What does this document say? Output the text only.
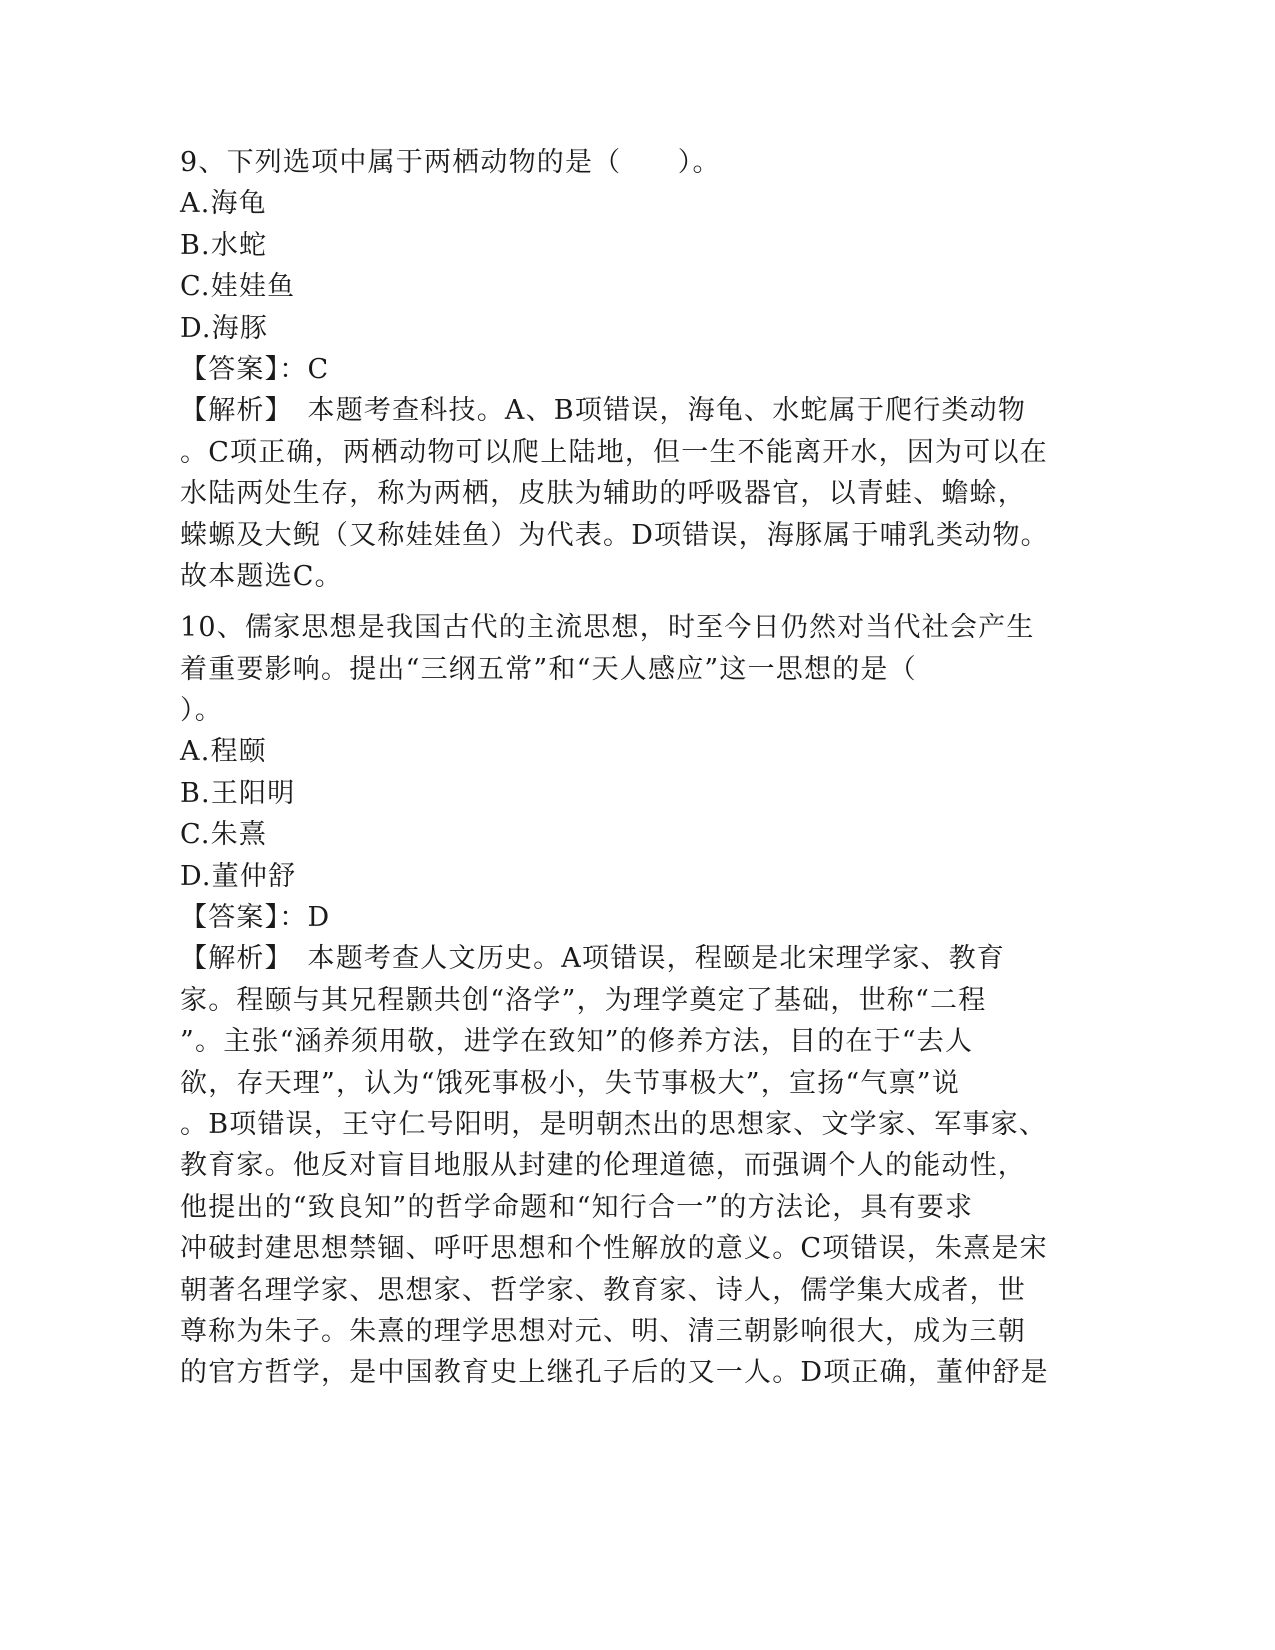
9、下列选项中属于两栖动物的是（　　）。
A.海龟
B.水蛇
C.娃娃鱼
D.海豚
【答案】：C
【解析】　本题考查科技。A、B项错误，海龟、水蛇属于爬行类动物
。C项正确，两栖动物可以爬上陆地，但一生不能离开水，因为可以在
水陆两处生存，称为两栖，皮肤为辅助的呼吸器官，以青蛙、蟾蜍，
蝾螈及大鲵（又称娃娃鱼）为代表。D项错误，海豚属于哺乳类动物。
故本题选C。
10、儒家思想是我国古代的主流思想，时至今日仍然对当代社会产生
着重要影响。提出“三纲五常”和“天人感应”这一思想的是（
）。
A.程颐
B.王阳明
C.朱熹
D.董仲舒
【答案】：D
【解析】　本题考查人文历史。A项错误，程颐是北宋理学家、教育
家。程颐与其兄程颢共创“洛学”，为理学奠定了基础，世称“二程
”。主张“涵养须用敬，进学在致知”的修养方法，目的在于“去人
欲，存天理”，认为“饿死事极小，失节事极大”，宣扬“气禀”说
。B项错误，王守仁号阳明，是明朝杰出的思想家、文学家、军事家、
教育家。他反对盲目地服从封建的伦理道德，而强调个人的能动性，
他提出的“致良知”的哲学命题和“知行合一”的方法论，具有要求
冲破封建思想禁锢、呼吁思想和个性解放的意义。C项错误，朱熹是宋
朝著名理学家、思想家、哲学家、教育家、诗人，儒学集大成者，世
尊称为朱子。朱熹的理学思想对元、明、清三朝影响很大，成为三朝
的官方哲学，是中国教育史上继孔子后的又一人。D项正确，董仲舒是
